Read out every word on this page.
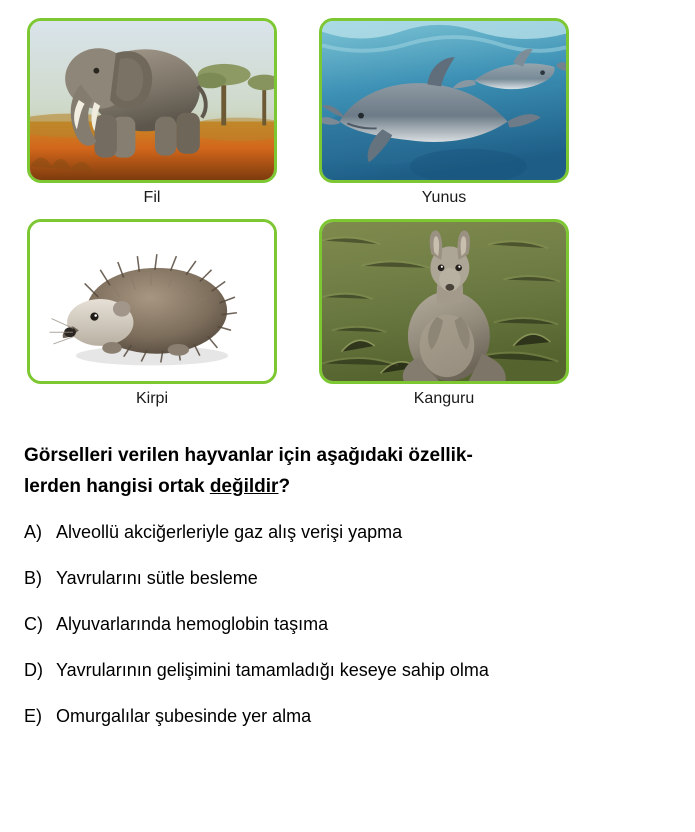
Fil	Yunus
Kirpi	Kanguru
Görselleri verilen hayvanlar için aşağıdaki özellik-
lerden hangisi ortak değildir?
A) Alveollü akciğerleriyle gaz alış verişi yapma
B) Yavrularını sütle besleme
C) Alyuvarlarında hemoglobin taşıma
D) Yavrularının gelişimini tamamladığı keseye sahip olma
E) Omurgalılar şubesinde yer alma
